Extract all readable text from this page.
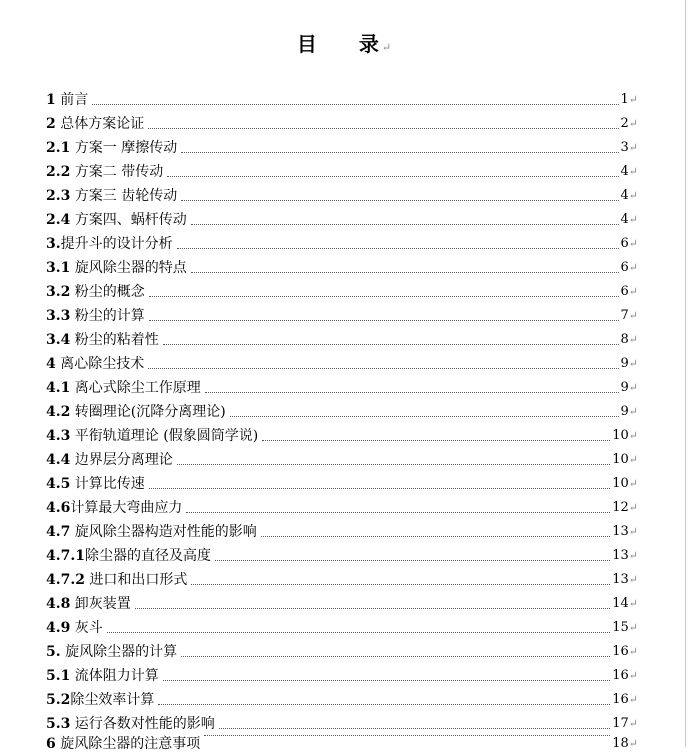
目 录↵
1 前言	1↵
2 总体方案论证	2↵
2.1 方案一 摩擦传动	3↵
2.2 方案二 带传动	4↵
2.3 方案三 齿轮传动	4↵
2.4 方案四、蜗杆传动	4↵
3.提升斗的设计分析	6↵
3.1 旋风除尘器的特点	6↵
3.2 粉尘的概念	6↵
3.3 粉尘的计算	7↵
3.4 粉尘的粘着性	8↵
4 离心除尘技术	9↵
4.1 离心式除尘工作原理	9↵
4.2 转圈理论(沉降分离理论)	9↵
4.3 平衔轨道理论 (假象圆筒学说)	10↵
4.4 边界层分离理论	10↵
4.5 计算比传速	10↵
4.6计算最大弯曲应力	12↵
4.7 旋风除尘器构造对性能的影响	13↵
4.7.1除尘器的直径及高度	13↵
4.7.2 进口和出口形式	13↵
4.8 卸灰装置	14↵
4.9 灰斗	15↵
5. 旋风除尘器的计算	16↵
5.1 流体阻力计算	16↵
5.2除尘效率计算	16↵
5.3 运行各数对性能的影响	17↵
6 旋风除尘器的注意事项	18↵
